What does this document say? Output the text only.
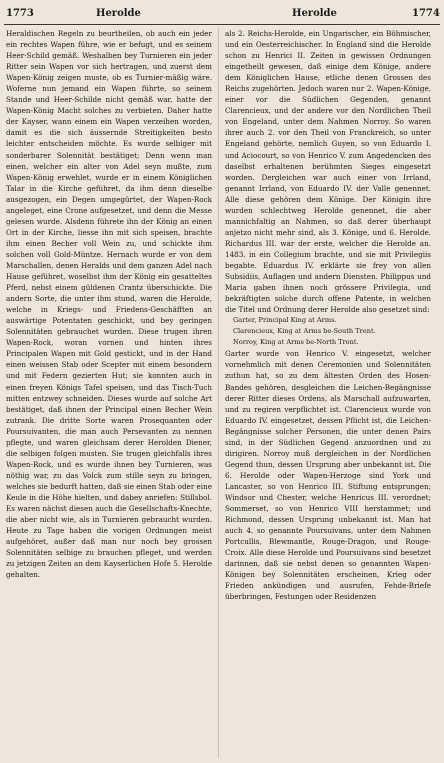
1773	Herolde	Herolde	1774

Heraldischen Regeln zu beurtheilen, ob auch ein jeder ein rechtes Wapen führe, wie er befugt, und es seinem Heer-Schild gemäß. Weshalben bey Turnieren ein jeder Ritter sein Wapen vor sich hertragen, und zuerst dem Wapen-König zeigen muste, ob es Turnier-mäßig wäre. Woferne nun jemand ein Wapen führte, so seinem Stande und Heer-Schilde nicht gemäß war, hatte der Wapen-König Macht solches zu verbieten. Daher hatte der Kayser, wann einem ein Wapen verzeihen worden, damit es die sich äussernde Streitigkeiten besto leichter entscheiden möchte. Es wurde selbiger mit sonderbarer Solennität bestätiget; Denn wenn man einen, welcher ein alter von Adel seyn mußte, zum Wapen-König erwehlet, wurde er in einem Königlichen Talar in die Kirche geführet, da ihm denn dieselbe ausgezogen, ein Degen umgegürtet, der Wapen-Rock angeleget, eine Crone aufgesetzet, und denn die Messe gelesen wurde. Alsdenn führete ihn der König an einen Ort in der Kirche, liesse ihn mit sich speisen, brachte ihm einen Becher voll Wein zu, und schickte ihm solchen voll Gold-Müntze. Hernach wurde er von dem Marschallen, denen Heralds und dem ganzen Adel nach Hause geführet, woselbst ihm der König ein gesatteltes Pferd, nebst einem güldenen Crantz überschickte. Die andern Sorte, die unter ihm stund, waren die Herolde, welche in Kriegs- und Friedens-Geschäfften an auswärtige Potentaten geschickt, und bey geringen Solennitäten gebrauchet wurden. Diese trugen ihren Wapen-Rock, woran vornen und hinten ihres Principalen Wapen mit Gold gestickt, und in der Hand einen weissen Stab oder Scepter mit einem besondern und mit Federn gezierten Hut; sie konnten auch in einen freyen Königs Tafel speisen, und das Tisch-Tuch mitten entzwey schneiden. Dieses wurde auf solche Art bestätiget, daß ihnen der Principal einen Becher Wein zutrank. Die dritte Sorte waren Prosequanten oder Poursuivanten, die man auch Persevanten zu nennen pflegte, und waren gleichsam derer Herolden Diener, die selbigen folgen musten. Sie trugen gleichfalls ihres Wapen-Rock, und es wurde ihnen bey Turnieren, was nöthig war, zu das Volck zum stille seyn zu bringen, welches sie bedurft hatten, daß sie einen Stab oder eine Keule in die Höhe hielten, und dabey anriefen: Stillsbol. Es waren nächst diesen auch die Gesellschafts-Knechte, die aber nicht wie, als in Turnieren gebraucht wurden. Heute zu Tage haben die vorigen Ordnungen meist aufgehöret, außer daß man nur noch bey grossen Solennitäten selbige zu brauchen pfleget, und werden zu jetzigen Zeiten an dem Kayserlichen Hofe 5. Herolde gehalten.

als 2. Reichs-Herolde, ein Ungarischer, ein Böhmischer, und ein Oesterreichischer. In England sind die Herolde schon zu Henrici II. Zeiten in gewissen Ordnungen eingetheilt gewesen, daß einige dem Könige, andere dem Königlichen Hause, etliche denen Grossen des Reichs zugehörten. Jedoch waren nur 2. Wapen-Könige, einer vor die Südlichen Gegenden, genannt Clarencieux, und der andere vor den Nordlichen Theil von Engeland, unter dem Nahmen Norroy. So waren ihrer auch 2. vor den Theil von Franckreich, so unter Engeland gehörte, nemlich Guyen, so von Eduardo I. und Aciocourt, so von Henrico V. zum Angedencken des daselbst erhaltenen berühmten Sieges eingesetzt worden. Dergleichen war auch einer von Irrland, genannt Irrland, von Eduardo IV. der Valle genennet. Alle diese gehören dem Könige. Der Königin ihre wurden schlechtweg Herolde genennet, die aber mannichfaltig an Nahmen, so daß derer überhaupt anjetzo nicht mehr sind, als 3. Könige, und 6. Herolde. Richardus III. war der erste, welcher die Herolde an. 1483. in ein Collegium brachte, und sie mit Privilegiis begabte. Eduardus IV. erklärte sie frey von allen Subsidiis, Auflagen und andern Diensten. Philippus und Maria gaben ihnen noch grössere Privilegia, und bekräftigten solche durch offene Patente, in welchen die Titel und Ordnung derer Herolde also gesetzet sind:

Garter, Principal King at Arms.

Clarencieux, King at Arms be-South Trent.

Norroy, King at Arms be-North Trent.

Garter wurde von Henrico V. eingesetzt, welcher vornehmlich mit denen Ceremonien und Solennitäten zuthun hat, so zu dem ältesten Orden des Hosen-Bandes gehören, desgleichen die Leichen-Begängnisse derer Ritter dieses Ordens, als Marschall aufzuwarten, und zu regiren verpflichtet ist. Clarencieux wurde von Eduardo IV. eingesetzet, dessen Pflicht ist, die Leichen-Begängnisse solcher Personen, die unter denen Pairs sind, in der Südlichen Gegend anzuordnen und zu dirigiren. Norroy muß dergleichen in der Nordlichen Gegend thun, dessen Ursprung aber unbekannt ist. Die 6. Herolde oder Wapen-Herzoge sind York und Lancaster, so von Henrico III. Stiftung entsprungen; Windsor und Chester, welche Henricus III. verordnet; Sommerset, so von Henrico VIII herstammet; und Richmond, dessen Ursprung unbekannt ist. Man hat auch 4. so genannte Poursuivans, unter dem Nahmen Portcullis, Blewmantle, Rouge-Dragon, und Rouge-Croix. Alle diese Herolde und Poursuivans sind besetzet darinnen, daß sie nebst denen so genannten Wapen-Königen bey Solennitäten erscheinen, Krieg oder Frieden ankündigen und ausrufen, Fehde-Briefe überbringen, Festungen oder Residenzen
